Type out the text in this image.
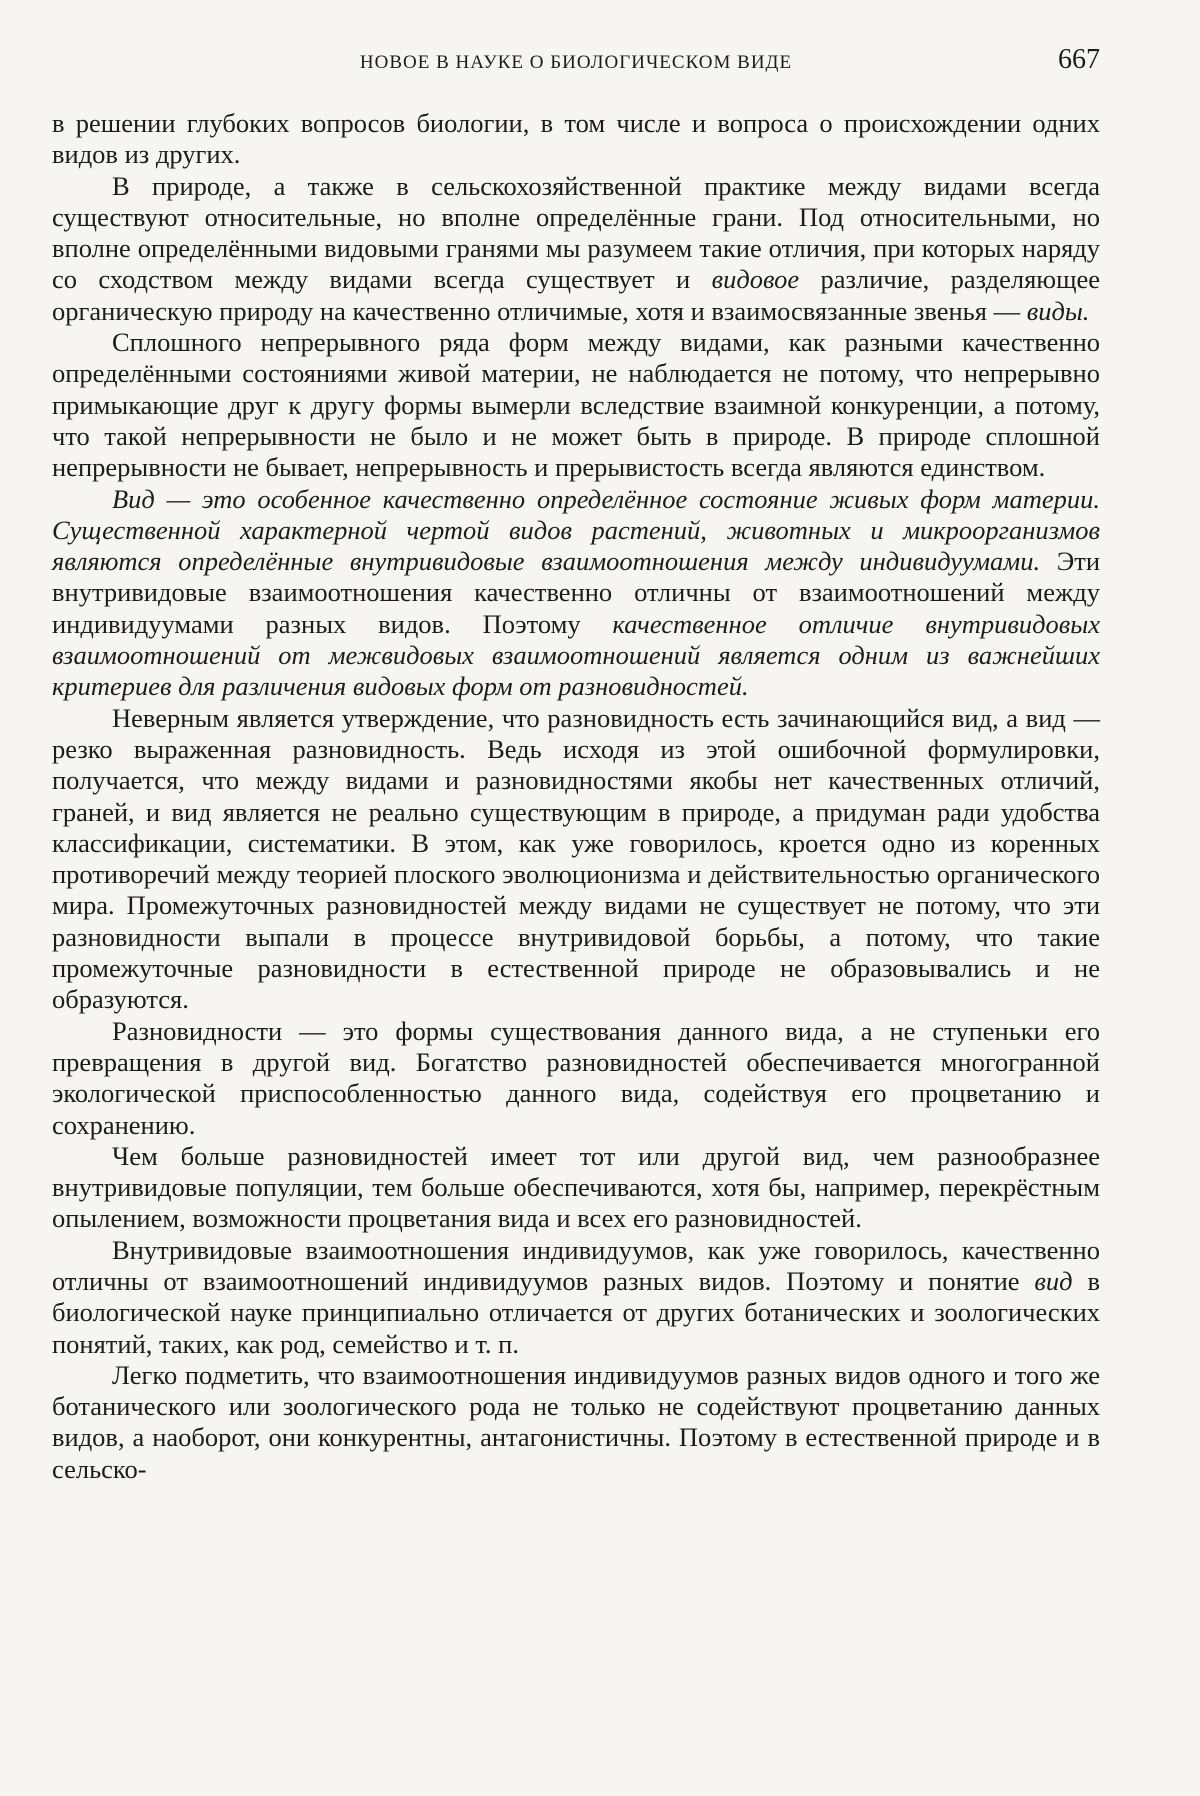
НОВОЕ В НАУКЕ О БИОЛОГИЧЕСКОМ ВИДЕ	667

в решении глубоких вопросов биологии, в том числе и вопроса о происхождении одних видов из других.

В природе, а также в сельскохозяйственной практике между видами всегда существуют относительные, но вполне определённые грани. Под относительными, но вполне определёнными видовыми гранями мы разумеем такие отличия, при которых наряду со сходством между видами всегда существует и видовое различие, разделяющее органическую природу на качественно отличимые, хотя и взаимосвязанные звенья — виды.

Сплошного непрерывного ряда форм между видами, как разными качественно определёнными состояниями живой материи, не наблюдается не потому, что непрерывно примыкающие друг к другу формы вымерли вследствие взаимной конкуренции, а потому, что такой непрерывности не было и не может быть в природе. В природе сплошной непрерывности не бывает, непрерывность и прерывистость всегда являются единством.

Вид — это особенное качественно определённое состояние живых форм материи. Существенной характерной чертой видов растений, животных и микроорганизмов являются определённые внутривидовые взаимоотношения между индивидуумами. Эти внутривидовые взаимоотношения качественно отличны от взаимоотношений между индивидуумами разных видов. Поэтому качественное отличие внутривидовых взаимоотношений от межвидовых взаимоотношений является одним из важнейших критериев для различения видовых форм от разновидностей.

Неверным является утверждение, что разновидность есть зачинающийся вид, а вид — резко выраженная разновидность. Ведь исходя из этой ошибочной формулировки, получается, что между видами и разновидностями якобы нет качественных отличий, граней, и вид является не реально существующим в природе, а придуман ради удобства классификации, систематики. В этом, как уже говорилось, кроется одно из коренных противоречий между теорией плоского эволюционизма и действительностью органического мира. Промежуточных разновидностей между видами не существует не потому, что эти разновидности выпали в процессе внутривидовой борьбы, а потому, что такие промежуточные разновидности в естественной природе не образовывались и не образуются.

Разновидности — это формы существования данного вида, а не ступеньки его превращения в другой вид. Богатство разновидностей обеспечивается многогранной экологической приспособленностью данного вида, содействуя его процветанию и сохранению.

Чем больше разновидностей имеет тот или другой вид, чем разнообразнее внутривидовые популяции, тем больше обеспечиваются, хотя бы, например, перекрёстным опылением, возможности процветания вида и всех его разновидностей.

Внутривидовые взаимоотношения индивидуумов, как уже говорилось, качественно отличны от взаимоотношений индивидуумов разных видов. Поэтому и понятие вид в биологической науке принципиально отличается от других ботанических и зоологических понятий, таких, как род, семейство и т. п.

Легко подметить, что взаимоотношения индивидуумов разных видов одного и того же ботанического или зоологического рода не только не содействуют процветанию данных видов, а наоборот, они конкурентны, антагонистичны. Поэтому в естественной природе и в сельско-
